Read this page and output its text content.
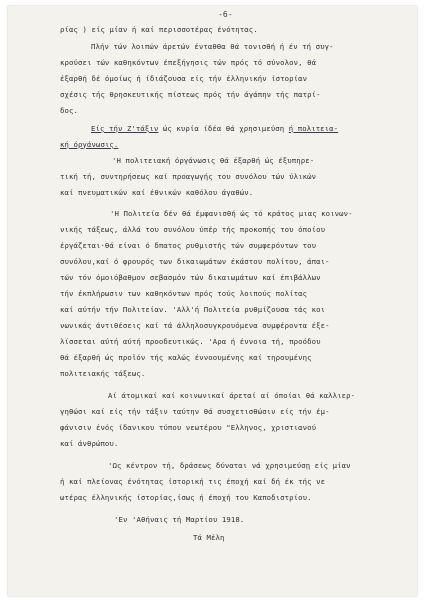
-6-
ρίας ) είς μίαν ή καί περισσοτέρας ένότητας.
Πλήν τών λοιπών άρετών ένταθθα θά τονισθή ή έν τή συγ-
κρούσει τών καθηκόντων έπεξήγησις τών πρός τό σύνολον, θά
έξαρθή δέ όμοίως ή ίδιάζουσα είς τήν έλληνικήν ίστορίαν
σχέσις τής θρησκευτικής πίστεως πρός τήν άγάπην τής πατρί-
δος.
Είς τήν Ζ'τάξιν ώς κυρία ίδέα θά χρησιμεύση ή πολιτεια-
κή όργάνωσις.
'Η πολιτειακή όργάνωσις θά έξαρθή ώς έξυπηρε-
τική τή, συντηρήσεως καί προαγωγής του συνόλου τών ύλικών
καί πνευματικών καί έθνικών καθόλου άγαθών.
'Η Πολιτεία δέν θά έμφανισθή ώς τό κράτος μιας κοινων-
νικής τάξεως, άλλά του συνόλου ύπέρ τής προκοπής του όποίου
έργάζεται·θά είναι ό δπατος ρυθμιστής τών συμφερόντων του
συνόλου,καί ό φρουρός των δικαιωμάτων έκάστου πολίτου, άπαι-
τών τόν όμοιόβαθμον σεβασμόν τών δικαιωμάτων καί έπιβάλλων
τήν έκπλήρωσιν των καθηκόντων πρός τούς λοιπούς πολίτας
καί αύτήν τήν Πολιτείαν. 'Αλλ'ή Πολιτεία ρυθμίζουσα τάς κοι
νωνικάς άντιθέσεις καί τά άλληλοσυγκρουόμενα συμφέροντα έξε-
λίσσεται αύτή αύτή προοδευτικώς. 'Αρα ή έννοια τή, προόδου
θά έξαρθή ώς προϊόν τής καλώς έννοουμένης καί τηρουμένης
πολιτειακής τάξεως.
Αί άτομικαί καί κοινωνικαί άρεταί αί όποίαι θά καλλιερ-
γηθώσι καί είς τήν τάξιν ταύτην θά συσχετισθώσιν είς τήν έμ-
φάνισιν ένός ίδανικου τύπου νεωτέρου "Ελληνος, χριστιανού
καί άνθρώπου.
'Ως κέντρον τή, δράσεως δύναται νά χρησιμεύσῃ είς μίαν
ή καί πλείονας ένότητας ίστορική τις έποχή καί δή έκ τής νε
ωτέρας έλληνικής ίστορίας,ίσως ή έποχή του Καποδιστρίου.
'Εν 'Αθήναις τή Μαρτίου 1918.
Τά Μέλη
